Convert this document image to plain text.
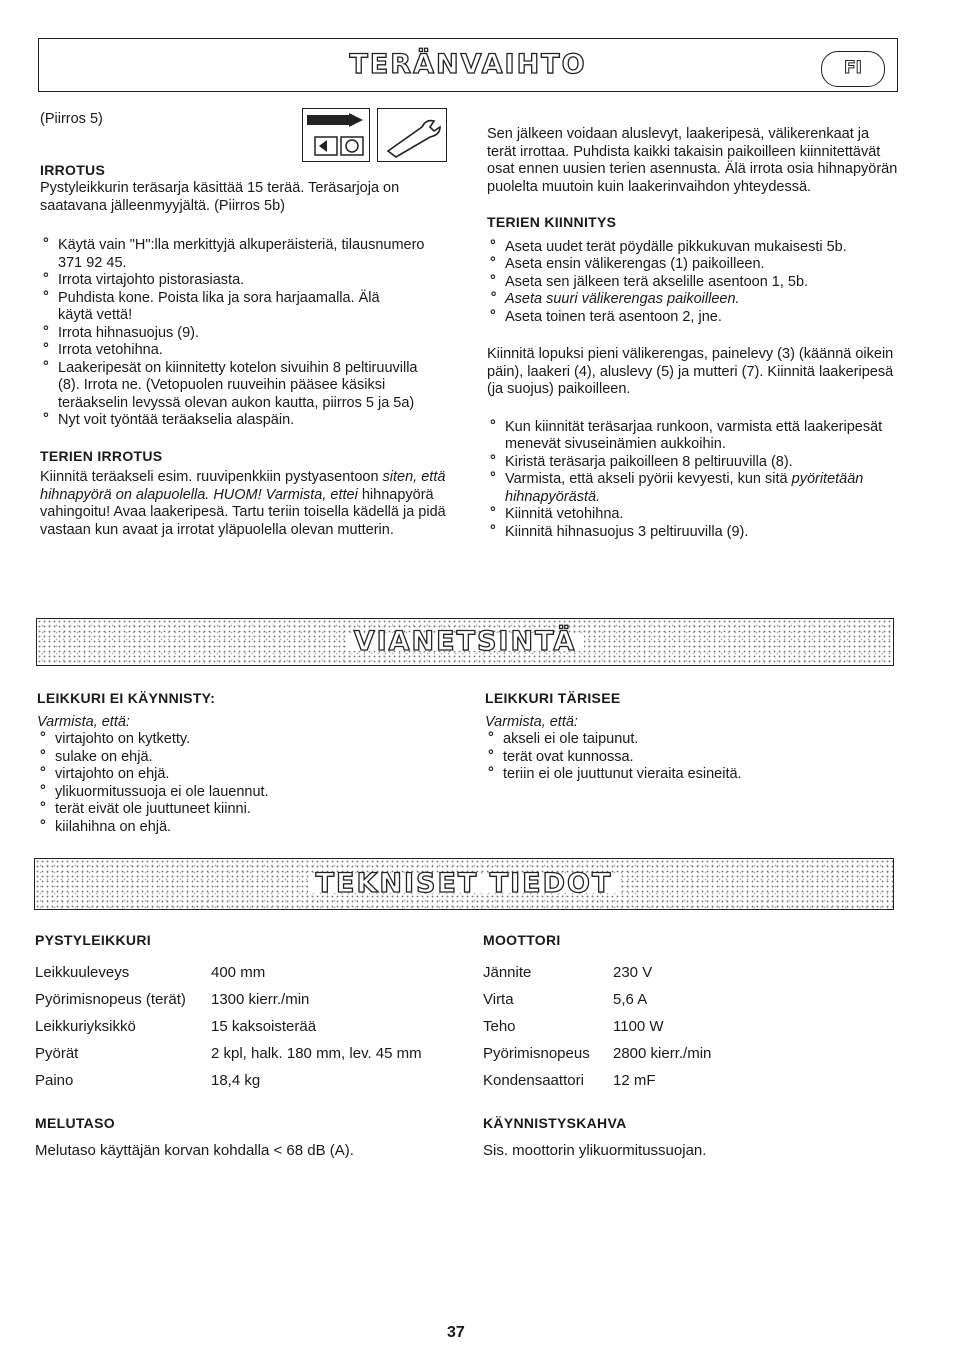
TERÄNVAIHTO	FI

(Piirros 5)

IRROTUS

Pystyleikkurin teräsarja käsittää 15 terää. Teräsarjoja on saatavana jälleenmyyjältä. (Piirros 5b)

° Käytä vain "H":lla merkittyjä alkuperäisteriä, tilausnumero 371 92 45.
° Irrota virtajohto pistorasiasta.
° Puhdista kone. Poista lika ja sora harjaamalla. Älä käytä vettä!
° Irrota hihnasuojus (9).
° Irrota vetohihna.
° Laakeripesät on kiinnitetty kotelon sivuihin 8 peltiruuvilla (8). Irrota ne. (Vetopuolen ruuveihin pääsee käsiksi teräakselin levyssä olevan aukon kautta, piirros 5 ja 5a)
° Nyt voit työntää teräakselia alaspäin.

TERIEN IRROTUS

Kiinnitä teräakseli esim. ruuvipenkkiin pystyasentoon siten, että hihnapyörä on alapuolella. HUOM! Varmista, ettei hihnapyörä vahingoitu! Avaa laakeripesä. Tartu teriin toisella kädellä ja pidä vastaan kun avaat ja irrotat yläpuolella olevan mutterin.

Sen jälkeen voidaan aluslevyt, laakeripesä, välikerenkaat ja terät irrottaa. Puhdista kaikki takaisin paikoilleen kiinnitettävät osat ennen uusien terien asennusta. Älä irrota osia hihnapyörän puolelta muutoin kuin laakerinvaihdon yhteydessä.

TERIEN KIINNITYS

° Aseta uudet terät pöydälle pikkukuvan mukaisesti 5b.
° Aseta ensin välikerengas (1) paikoilleen.
° Aseta sen jälkeen terä akselille asentoon 1, 5b.
° Aseta suuri välikerengas paikoilleen.
° Aseta toinen terä asentoon 2, jne.

Kiinnitä lopuksi pieni välikerengas, painelevy (3) (käännä oikein päin), laakeri (4), aluslevy (5) ja mutteri (7). Kiinnitä laakeripesä (ja suojus) paikoilleen.

° Kun kiinnität teräsarjaa runkoon, varmista että laakeripesät menevät sivuseinämien aukkoihin.
° Kiristä teräsarja paikoilleen 8 peltiruuvilla (8).
° Varmista, että akseli pyörii kevyesti, kun sitä pyöritetään hihnapyörästä.
° Kiinnitä vetohihna.
° Kiinnitä hihnasuojus 3 peltiruuvilla (9).
VIANETSINTÄ

LEIKKURI EI KÄYNNISTY:

Varmista, että:

° virtajohto on kytketty.
° sulake on ehjä.
° virtajohto on ehjä.
° ylikuormitussuoja ei ole lauennut.
° terät eivät ole juuttuneet kiinni.
° kiilahihna on ehjä.

LEIKKURI TÄRISEE

Varmista, että:

° akseli ei ole taipunut.
° terät ovat kunnossa.
° teriin ei ole juuttunut vieraita esineitä.
TEKNISET TIEDOT

PYSTYLEIKKURI

Leikkuuleveys	400 mm
Pyörimisnopeus (terät)	1300 kierr./min
Leikkuriyksikkö	15 kaksoisterää
Pyörät	2 kpl, halk. 180 mm, lev. 45 mm
Paino	18,4 kg

MELUTASO

Melutaso käyttäjän korvan kohdalla < 68 dB (A).

MOOTTORI

Jännite	230 V
Virta	5,6 A
Teho	1100 W
Pyörimisnopeus	2800 kierr./min
Kondensaattori	12 mF

KÄYNNISTYSKAHVA

Sis. moottorin ylikuormitussuojan.

37
